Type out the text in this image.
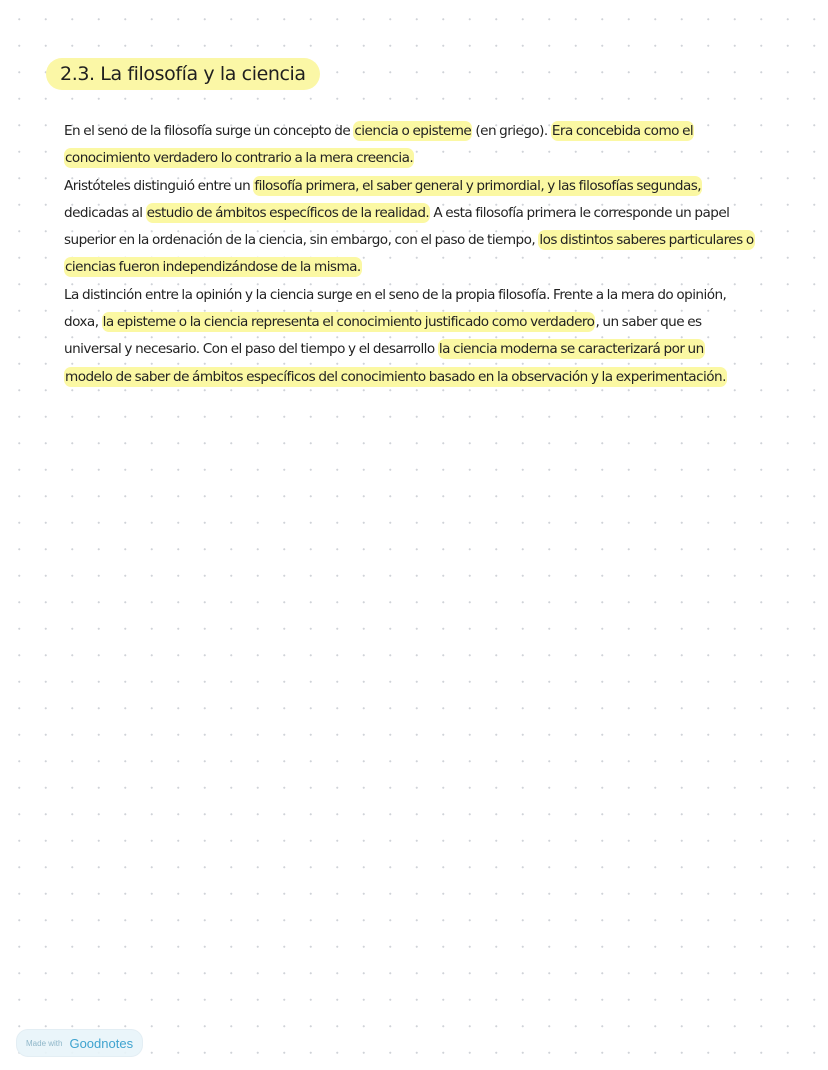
2.3. La filosofía y la ciencia

En el seno de la filosofía surge un concepto de ciencia o episteme (en griego). Era concebida como el conocimiento verdadero lo contrario a la mera creencia.

Aristóteles distinguió entre un filosofía primera, el saber general y primordial, y las filosofías segundas, dedicadas al estudio de ámbitos específicos de la realidad. A esta filosofía primera le corresponde un papel superior en la ordenación de la ciencia, sin embargo, con el paso de tiempo, los distintos saberes particulares o ciencias fueron independizándose de la misma.

La distinción entre la opinión y la ciencia surge en el seno de la propia filosofía. Frente a la mera do opinión, doxa, la episteme o la ciencia representa el conocimiento justificado como verdadero, un saber que es universal y necesario. Con el paso del tiempo y el desarrollo la ciencia moderna se caracterizará por un modelo de saber de ámbitos específicos del conocimiento basado en la observación y la experimentación.

Made with Goodnotes
